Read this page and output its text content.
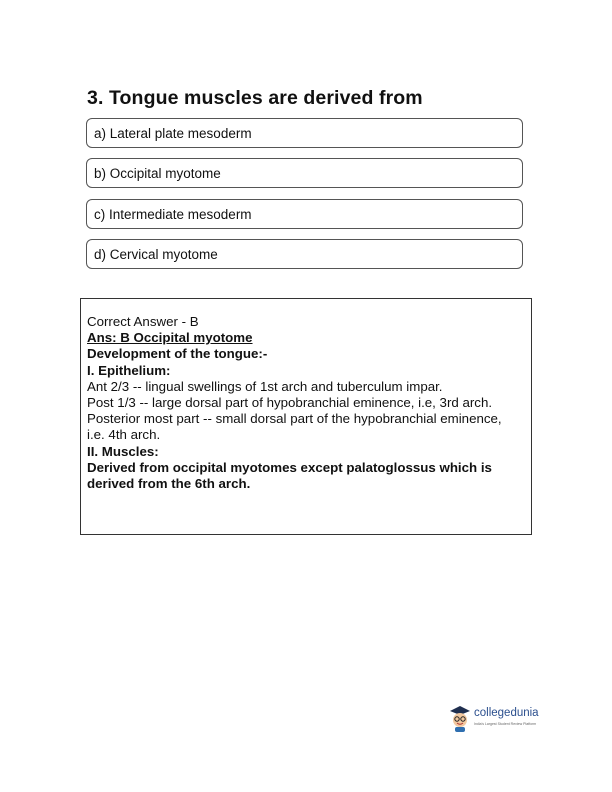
3. Tongue muscles are derived from
a) Lateral plate mesoderm
b) Occipital myotome
c) Intermediate mesoderm
d) Cervical myotome
Correct Answer - B
Ans: B Occipital myotome
Development of the tongue:-
I. Epithelium:
Ant 2/3 -- lingual swellings of 1st arch and tuberculum impar.
Post 1/3 -- large dorsal part of hypobranchial eminence, i.e, 3rd arch.
Posterior most part -- small dorsal part of the hypobranchial eminence, i.e. 4th arch.
II. Muscles:
Derived from occipital myotomes except palatoglossus which is derived from the 6th arch.
collegedunia
India's Largest Student Review Platform
